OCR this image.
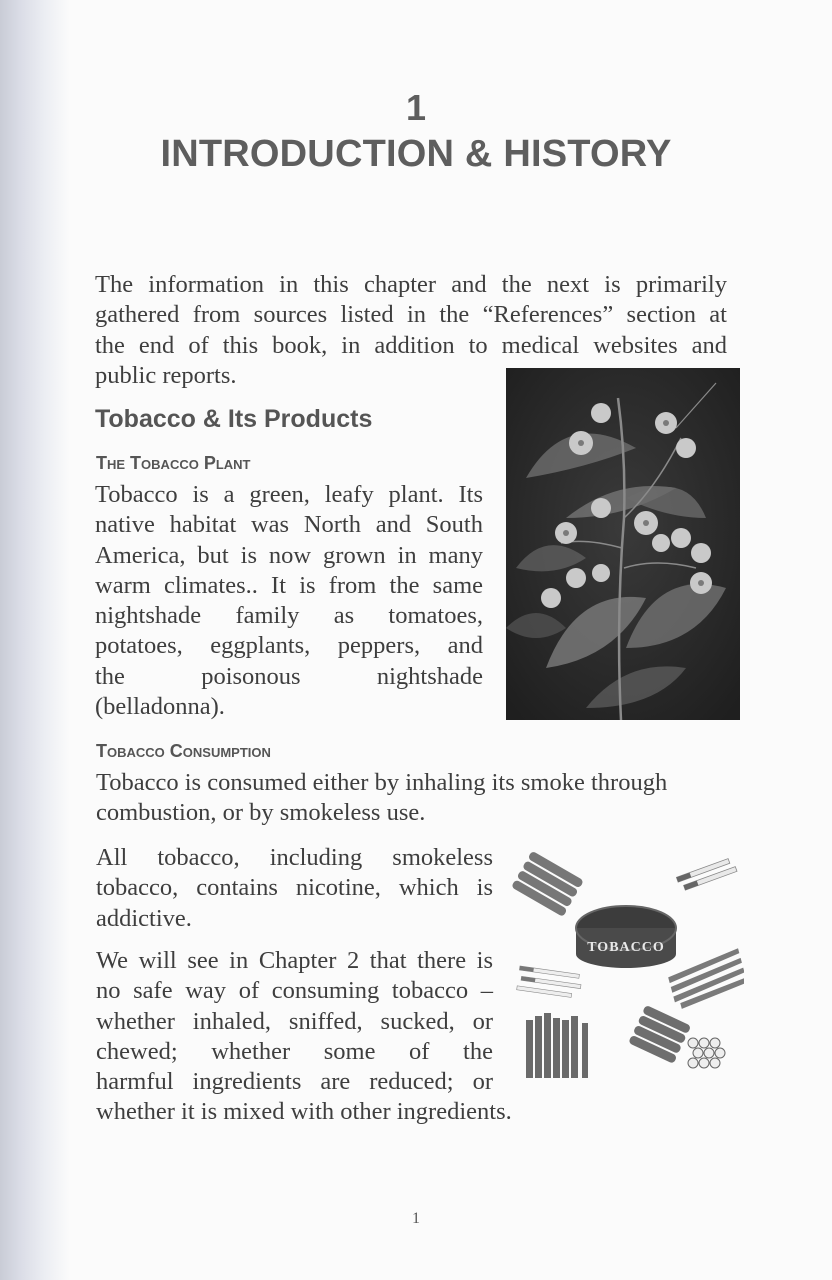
1
INTRODUCTION & HISTORY

The information in this chapter and the next is primarily
gathered from sources listed in the “References” section at
the end of this book, in addition to medical websites and
public reports.

Tobacco & Its Products
The Tobacco Plant

Tobacco is a green, leafy plant. Its
native habitat was North and South
America, but is now grown in many
warm climates.. It is from the same
nightshade family as tomatoes,
potatoes, eggplants, peppers, and
the poisonous nightshade
(belladonna).

Tobacco Consumption

Tobacco is consumed either by inhaling its smoke through
combustion, or by smokeless use.

All tobacco, including smokeless
tobacco, contains nicotine, which is
addictive.

We will see in Chapter 2 that there is
no safe way of consuming tobacco –
whether inhaled, sniffed, sucked, or
chewed; whether some of the
harmful ingredients are reduced; or
whether it is mixed with other ingredients.

TOBACCO
1
